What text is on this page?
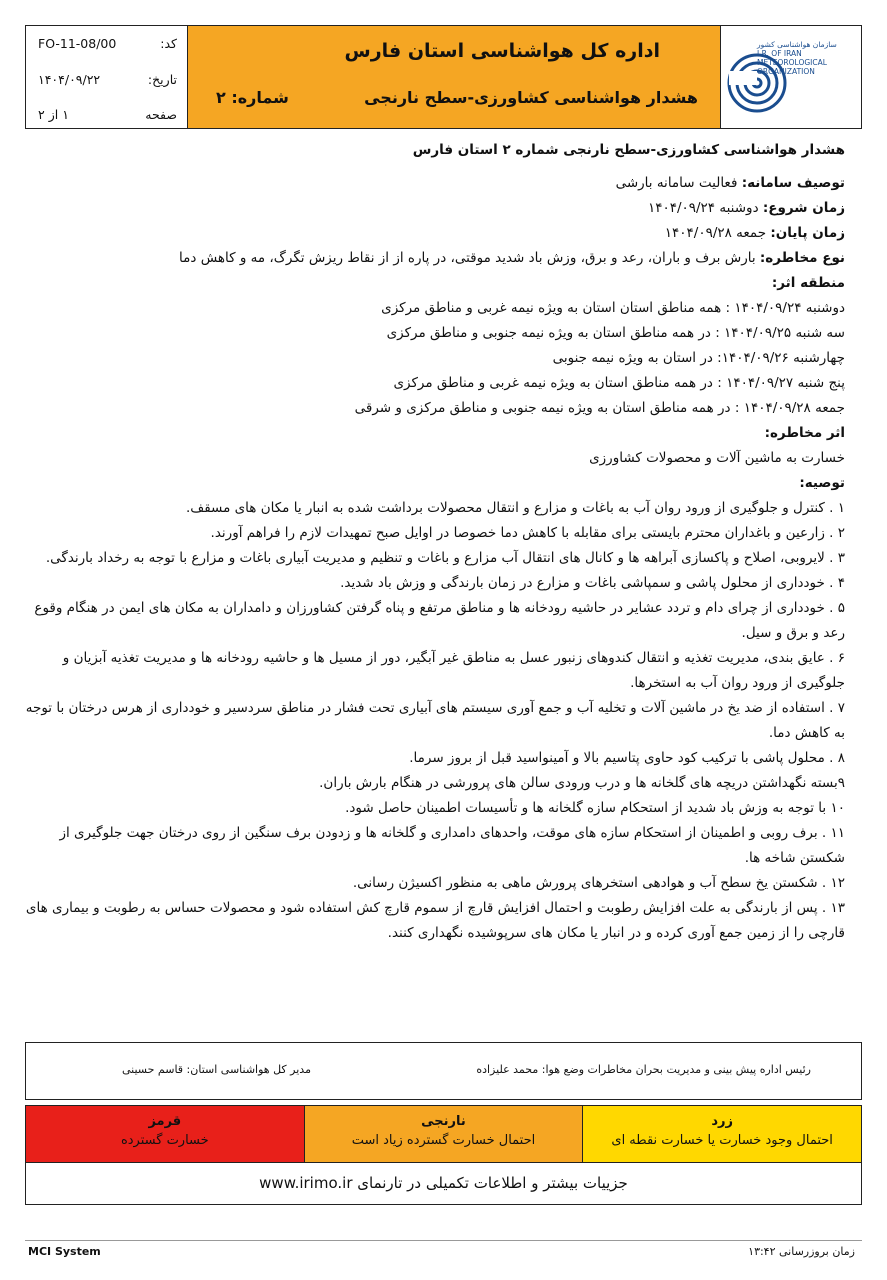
کد:
FO-11-08/00
تاریخ:
۱۴۰۴/۰۹/۲۲
صفحه
۱ از ۲
اداره کل هواشناسی استان فارس
هشدار هواشناسی کشاورزی-سطح نارنجی
شماره: ۲
سازمان هواشناسی کشور
I.R. OF IRAN
METEOROLOGICAL
ORGANIZATION

هشدار هواشناسی کشاورزی-سطح نارنجی شماره ۲ استان فارس

توصیف سامانه: فعالیت سامانه بارشی

زمان شروع: دوشنبه ۱۴۰۴/۰۹/۲۴

زمان پایان: جمعه ۱۴۰۴/۰۹/۲۸

نوع مخاطره: بارش برف و باران، رعد و برق، وزش باد شدید موقتی، در پاره از از نقاط ریزش تگرگ، مه و کاهش دما

منطقه اثر:

دوشنبه ۱۴۰۴/۰۹/۲۴ : همه مناطق استان استان به ویژه نیمه غربی و مناطق مرکزی

سه شنبه ۱۴۰۴/۰۹/۲۵ : در همه مناطق استان به ویژه نیمه جنوبی و مناطق مرکزی

چهارشنبه ۱۴۰۴/۰۹/۲۶: در استان به ویژه نیمه جنوبی

پنج شنبه ۱۴۰۴/۰۹/۲۷ : در همه مناطق استان به ویژه نیمه غربی و مناطق مرکزی

جمعه ۱۴۰۴/۰۹/۲۸ : در همه مناطق استان به ویژه نیمه جنوبی و مناطق مرکزی و شرقی

اثر مخاطره:

خسارت به ماشین آلات و محصولات کشاورزی

توصیه:

۱ . کنترل و جلوگیری از ورود روان آب به باغات و مزارع و انتقال محصولات برداشت شده به انبار یا مکان های مسقف.

۲ . زارعین و باغداران محترم بایستی برای مقابله با کاهش دما خصوصا در اوایل صبح تمهیدات لازم را فراهم آورند.

۳ . لایروبی، اصلاح و پاکسازی آبراهه ها و کانال های انتقال آب مزارع و باغات و تنظیم و مدیریت آبیاری باغات و مزارع با توجه به رخداد بارندگی.

۴ . خودداری از محلول پاشی و سمپاشی باغات و مزارع در زمان بارندگی و وزش باد شدید.

۵ . خودداری از چرای دام و تردد عشایر در حاشیه رودخانه ها و مناطق مرتفع و پناه گرفتن کشاورزان و دامداران به مکان های ایمن در هنگام وقوع رعد و برق و سیل.

۶ . عایق بندی، مدیریت تغذیه و انتقال کندوهای زنبور عسل به مناطق غیر آبگیر، دور از مسیل ها و حاشیه رودخانه ها و مدیریت تغذیه آبزیان و جلوگیری از ورود روان آب به استخرها.

۷ . استفاده از ضد یخ در ماشین آلات و تخلیه آب و جمع آوری سیستم های آبیاری تحت فشار در مناطق سردسیر و خودداری از هرس درختان با توجه به کاهش دما.

۸ . محلول پاشی با ترکیب کود حاوی پتاسیم بالا و آمینواسید قبل از بروز سرما.

۹بسته نگهداشتن دریچه های گلخانه ها و درب ورودی سالن های پرورشی در هنگام بارش باران.

۱۰ با توجه به وزش باد شدید از استحکام سازه گلخانه ها و تأسیسات اطمینان حاصل شود.

۱۱ . برف روبی و اطمینان از استحکام سازه های موقت، واحدهای دامداری و گلخانه ها و زدودن برف سنگین از روی درختان جهت جلوگیری از شکستن شاخه ها.

۱۲ . شکستن یخ سطح آب و هوادهی استخرهای پرورش ماهی به منظور اکسیژن رسانی.

۱۳ . پس از بارندگی به علت افزایش رطوبت و احتمال افزایش قارچ از سموم قارچ کش استفاده شود و محصولات حساس به رطوبت و بیماری های قارچی را از زمین جمع آوری کرده و در انبار یا مکان های سرپوشیده نگهداری کنند.

رئیس اداره پیش بینی و مدیریت بحران مخاطرات وضع هوا: محمد علیزاده
مدیر کل هواشناسی استان: قاسم حسینی
زرد
احتمال وجود خسارت یا خسارت نقطه ای
نارنجی
احتمال خسارت گسترده زیاد است
قرمز
خسارت گسترده
جزییات بیشتر و اطلاعات تکمیلی در تارنمای www.irimo.ir
MCI System	زمان بروزرسانی ۱۳:۴۲
